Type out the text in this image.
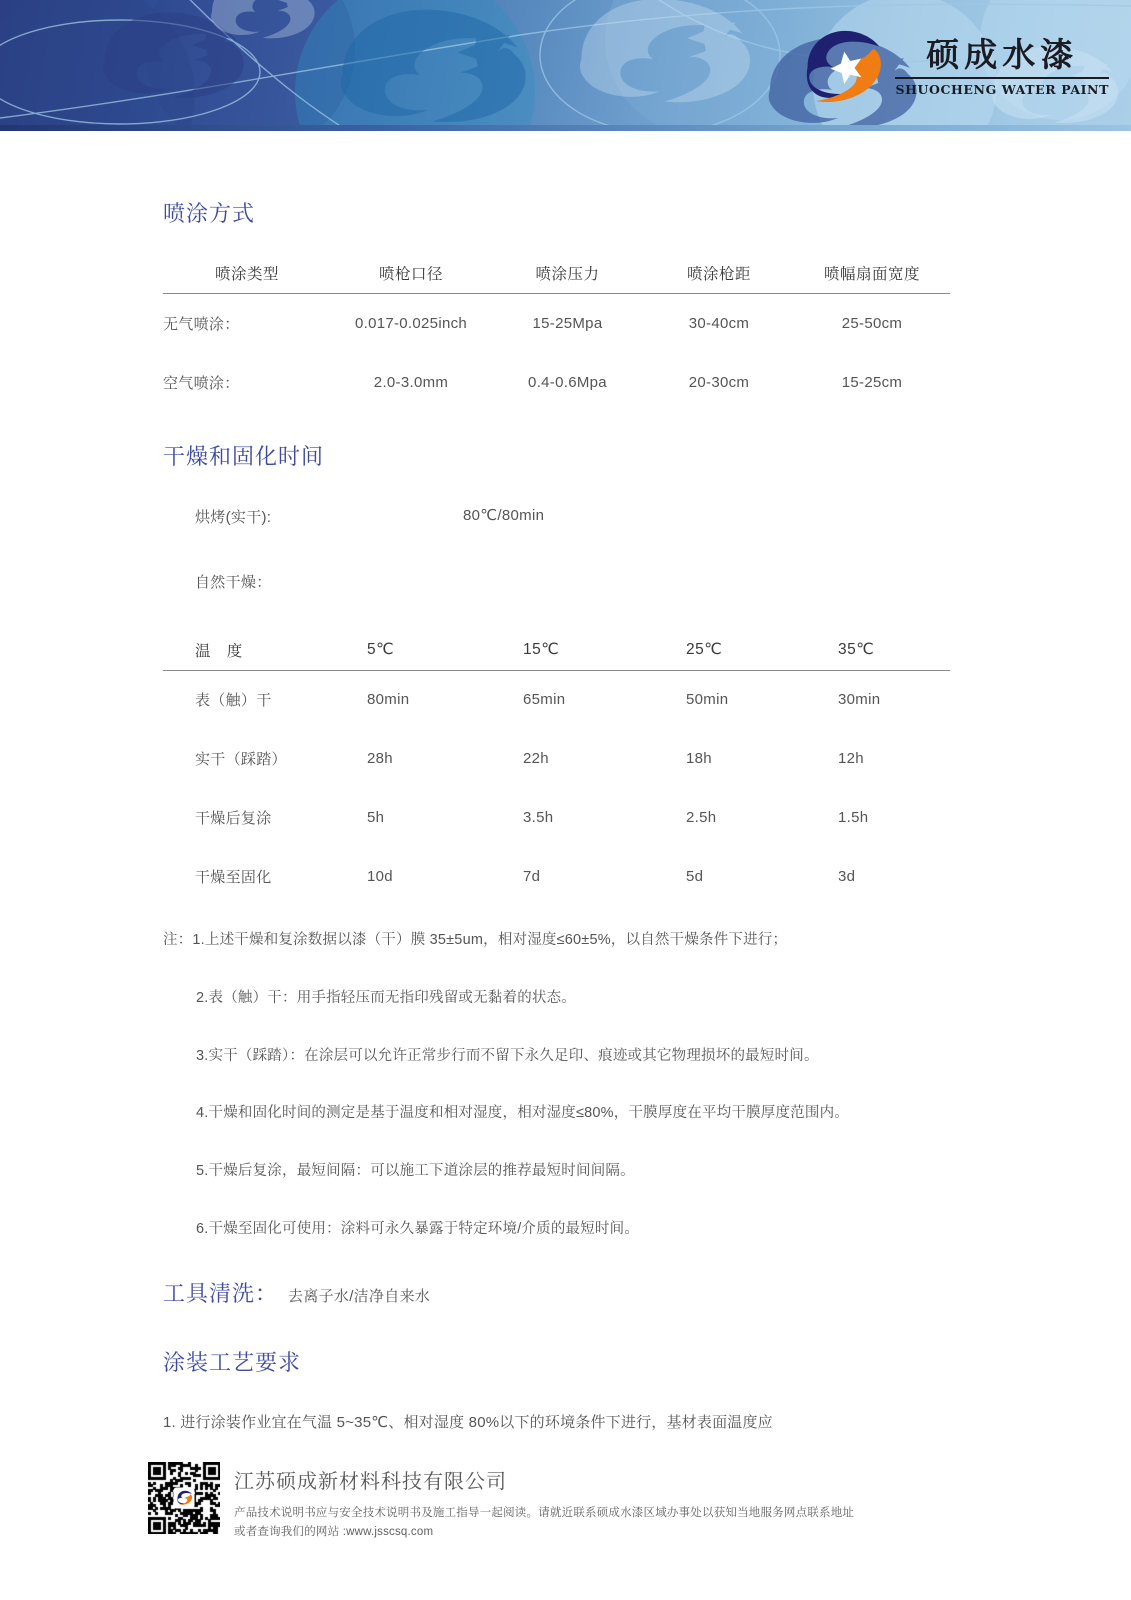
硕成水漆
SHUOCHENG WATER PAINT
喷涂方式
喷涂类型	喷枪口径	喷涂压力	喷涂枪距	喷幅扇面宽度
无气喷涂：	0.017-0.025inch	15-25Mpa	30-40cm	25-50cm
空气喷涂：	2.0-3.0mm	0.4-0.6Mpa	20-30cm	15-25cm
干燥和固化时间
烘烤(实干):	80℃/80min
自然干燥：
温 度	5℃	15℃	25℃	35℃
表（触）干	80min	65min	50min	30min
实干（踩踏）	28h	22h	18h	12h
干燥后复涂	5h	3.5h	2.5h	1.5h
干燥至固化	10d	7d	5d	3d

注：1.上述干燥和复涂数据以漆（干）膜 35±5um，相对湿度≤60±5%，以自然干燥条件下进行；

2.表（触）干：用手指轻压而无指印残留或无黏着的状态。

3.实干（踩踏）：在涂层可以允许正常步行而不留下永久足印、痕迹或其它物理损坏的最短时间。

4.干燥和固化时间的测定是基于温度和相对湿度，相对湿度≤80%，干膜厚度在平均干膜厚度范围内。

5.干燥后复涂，最短间隔：可以施工下道涂层的推荐最短时间间隔。

6.干燥至固化可使用：涂料可永久暴露于特定环境/介质的最短时间。

工具清洗： 去离子水/洁净自来水
涂装工艺要求

1. 进行涂装作业宜在气温 5~35℃、相对湿度 80%以下的环境条件下进行，基材表面温度应

江苏硕成新材料科技有限公司
产品技术说明书应与安全技术说明书及施工指导一起阅读。请就近联系硕成水漆区域办事处以获知当地服务网点联系地址
或者查询我们的网站 :www.jsscsq.com
